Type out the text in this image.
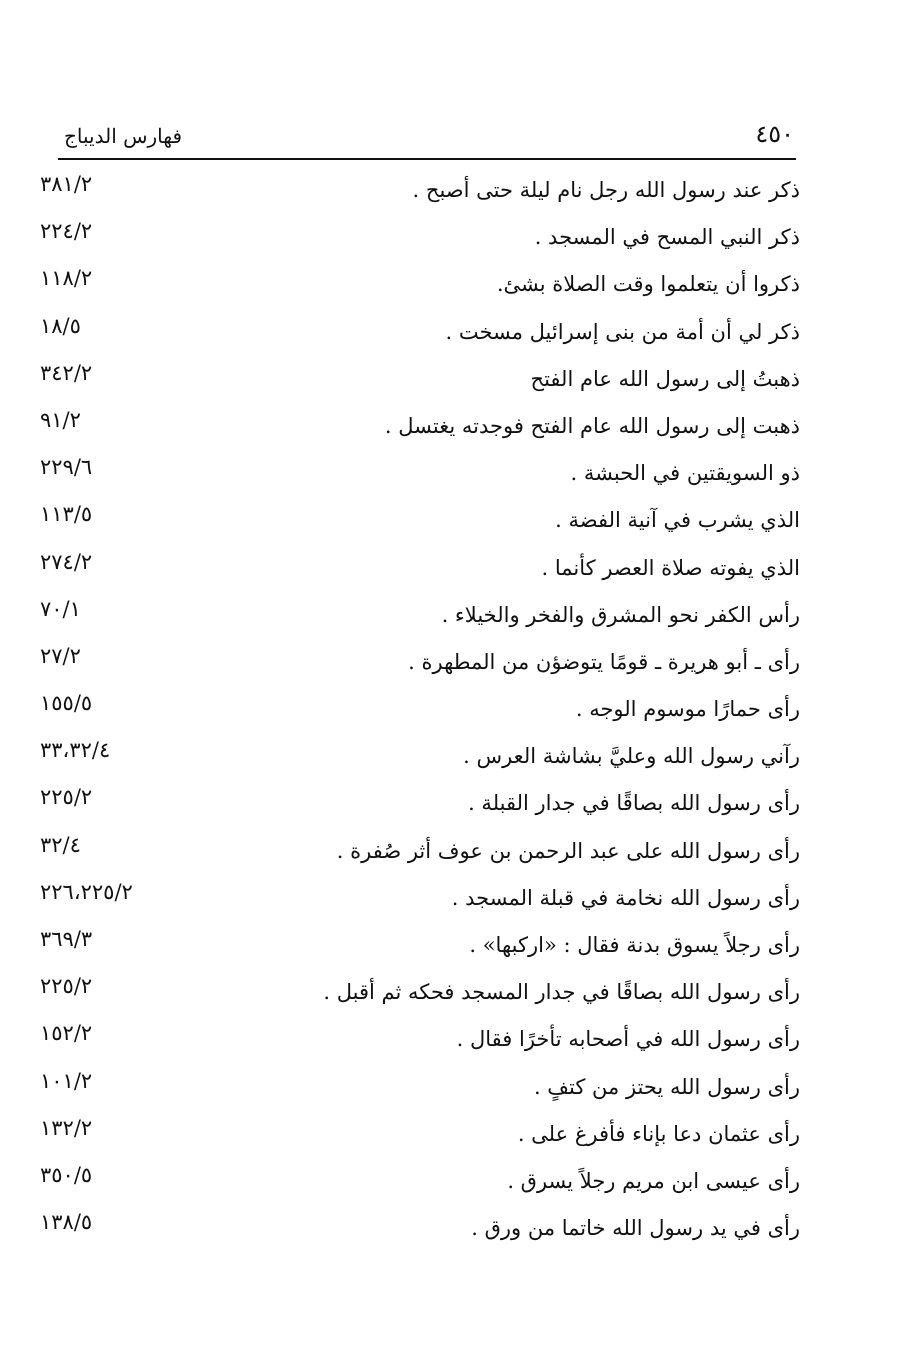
فهارس الديباج	٤٥٠
ذكر عند رسول الله رجل نام ليلة حتى أصبح .
٣٨١/٢
ذكر النبي المسح في المسجد .
٢٢٤/٢
ذكروا أن يتعلموا وقت الصلاة بشئ.
١١٨/٢
ذكر لي أن أمة من بنى إسرائيل مسخت .
١٨/٥
ذهبتُ إلى رسول الله عام الفتح
٣٤٢/٢
ذهبت إلى رسول الله عام الفتح فوجدته يغتسل .
٩١/٢
ذو السويقتين في الحبشة .
٢٢٩/٦
الذي يشرب في آنية الفضة .
١١٣/٥
الذي يفوته صلاة العصر كأنما .
٢٧٤/٢
رأس الكفر نحو المشرق والفخر والخيلاء .
٧٠/١
رأى ـ أبو هريرة ـ قومًا يتوضؤن من المطهرة .
٢٧/٢
رأى حمارًا موسوم الوجه .
١٥٥/٥
رآني رسول الله وعليَّ بشاشة العرس .
٣٣،٣٢/٤
رأى رسول الله بصاقًا في جدار القبلة .
٢٢٥/٢
رأى رسول الله على عبد الرحمن بن عوف أثر صُفرة .
٣٢/٤
رأى رسول الله نخامة في قبلة المسجد .
٢٢٦،٢٢٥/٢
رأى رجلاً يسوق بدنة فقال : «اركبها» .
٣٦٩/٣
رأى رسول الله بصاقًا في جدار المسجد فحكه ثم أقبل .
٢٢٥/٢
رأى رسول الله في أصحابه تأخرًا فقال .
١٥٢/٢
رأى رسول الله يحتز من كتفٍ .
١٠١/٢
رأى عثمان دعا بإناء فأفرغ على .
١٣٢/٢
رأى عيسى ابن مريم رجلاً يسرق .
٣٥٠/٥
رأى في يد رسول الله خاتما من ورق .
١٣٨/٥
